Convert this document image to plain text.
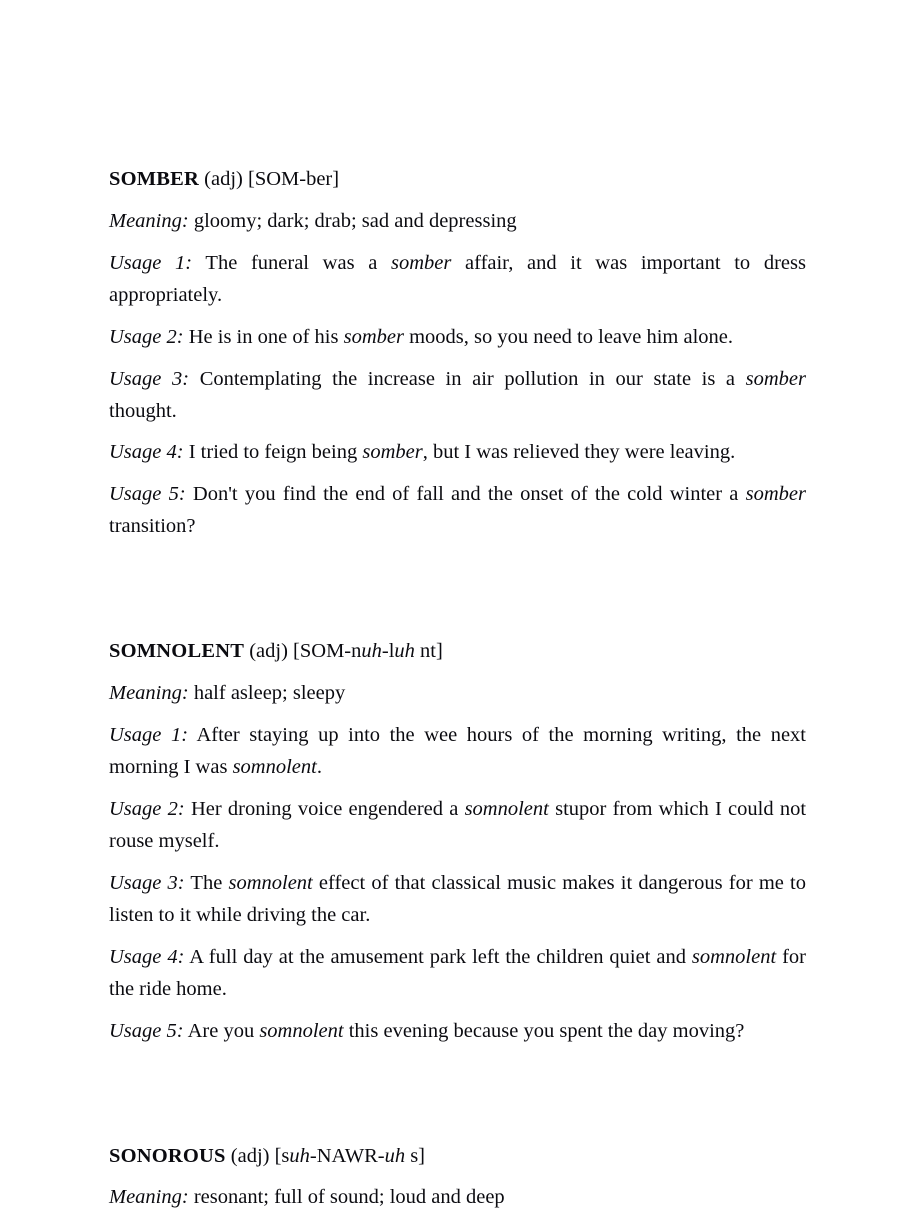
SOMBER (adj) [SOM-ber]

Meaning: gloomy; dark; drab; sad and depressing

Usage 1: The funeral was a somber affair, and it was important to dress appropriately.

Usage 2: He is in one of his somber moods, so you need to leave him alone.

Usage 3: Contemplating the increase in air pollution in our state is a somber thought.

Usage 4: I tried to feign being somber, but I was relieved they were leaving.

Usage 5: Don't you find the end of fall and the onset of the cold winter a somber transition?

SOMNOLENT (adj) [SOM-nuh-luh nt]

Meaning: half asleep; sleepy

Usage 1: After staying up into the wee hours of the morning writing, the next morning I was somnolent.

Usage 2: Her droning voice engendered a somnolent stupor from which I could not rouse myself.

Usage 3: The somnolent effect of that classical music makes it dangerous for me to listen to it while driving the car.

Usage 4: A full day at the amusement park left the children quiet and somnolent for the ride home.

Usage 5: Are you somnolent this evening because you spent the day moving?

SONOROUS (adj) [suh-NAWR-uh s]

Meaning: resonant; full of sound; loud and deep
